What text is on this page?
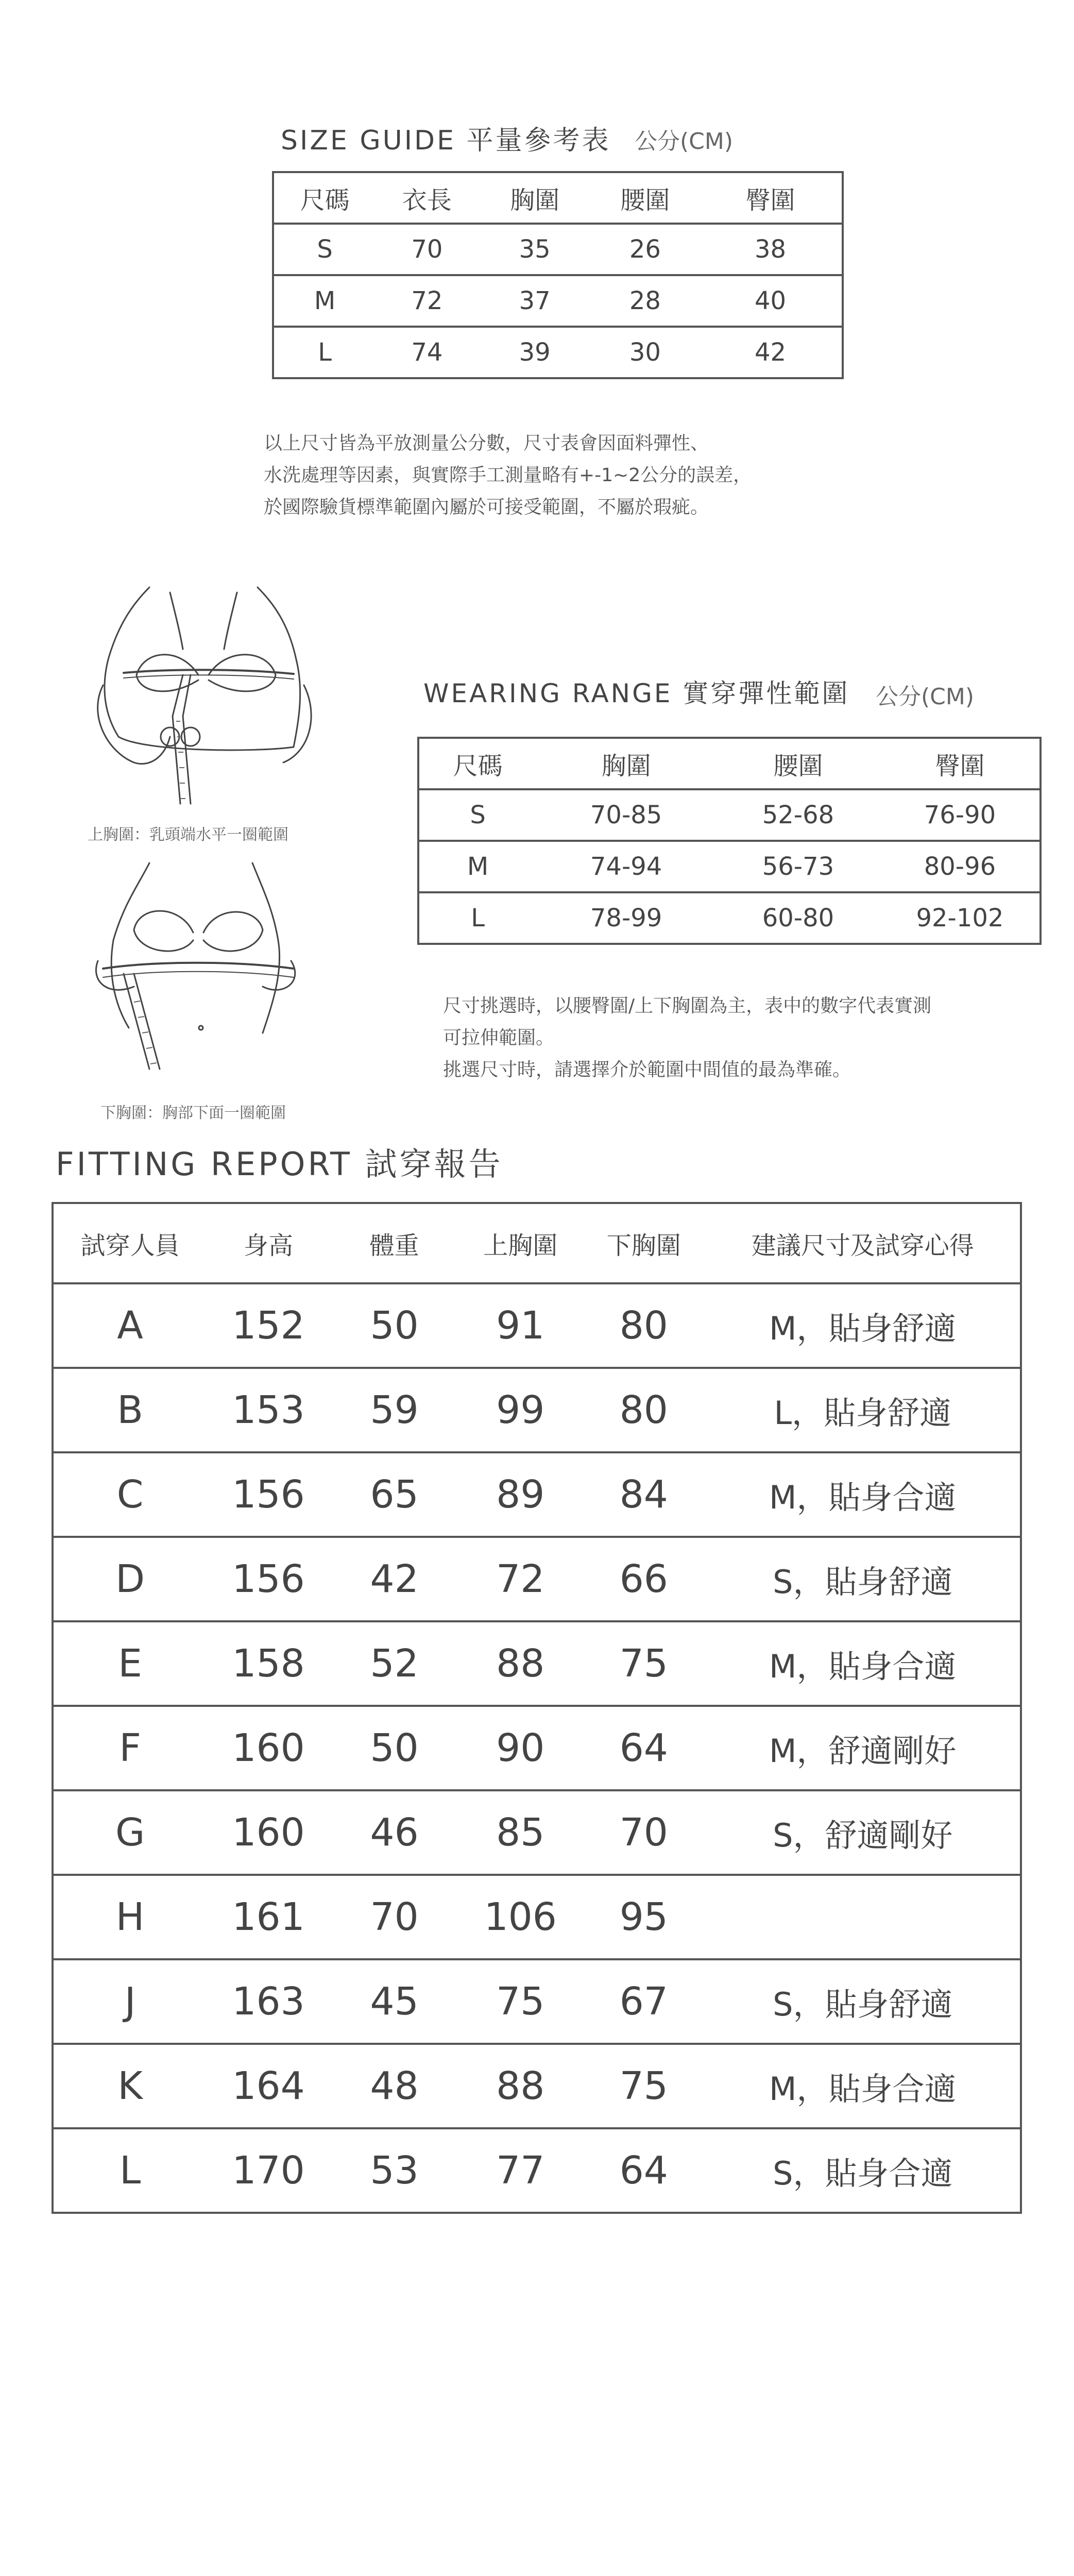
SIZE GUIDE 平量參考表 公分(CM)
尺碼	衣長	胸圍	腰圍	臀圍
S	70	35	26	38
M	72	37	28	40
L	74	39	30	42
以上尺寸皆為平放測量公分數，尺寸表會因面料彈性、
水洗處理等因素，與實際手工測量略有+-1~2公分的誤差，
於國際驗貨標準範圍內屬於可接受範圍，不屬於瑕疵。
上胸圍：乳頭端水平一圈範圍
下胸圍：胸部下面一圈範圍
WEARING RANGE 實穿彈性範圍 公分(CM)
尺碼	胸圍	腰圍	臀圍
S	70-85	52-68	76-90
M	74-94	56-73	80-96
L	78-99	60-80	92-102
尺寸挑選時，以腰臀圍/上下胸圍為主，表中的數字代表實測
可拉伸範圍。
挑選尺寸時，請選擇介於範圍中間值的最為準確。
FITTING REPORT 試穿報告
試穿人員	身高	體重	上胸圍	下胸圍	建議尺寸及試穿心得
A	152	50	91	80	M，貼身舒適
B	153	59	99	80	L，貼身舒適
C	156	65	89	84	M，貼身合適
D	156	42	72	66	S，貼身舒適
E	158	52	88	75	M，貼身合適
F	160	50	90	64	M，舒適剛好
G	160	46	85	70	S，舒適剛好
H	161	70	106	95	
J	163	45	75	67	S，貼身舒適
K	164	48	88	75	M，貼身合適
L	170	53	77	64	S，貼身合適
